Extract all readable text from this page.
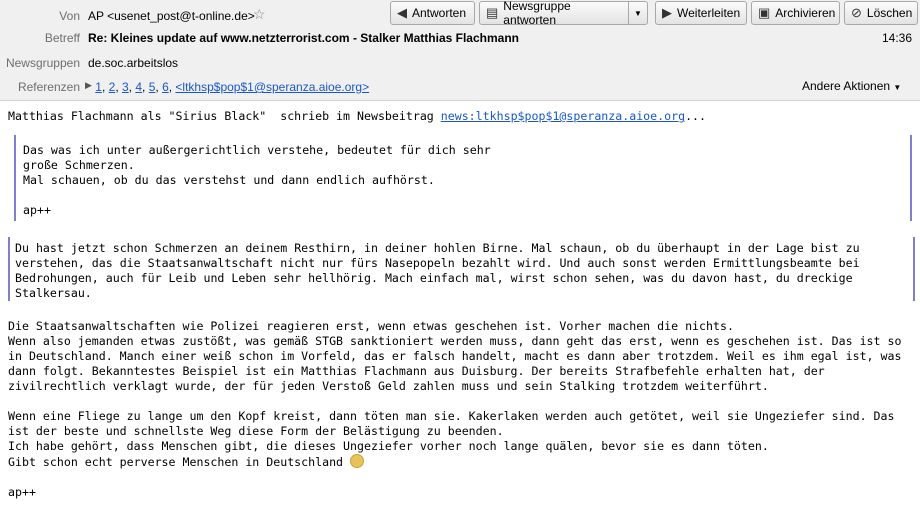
Von AP <usenet_post@t-online.de>
☆	◀ Antworten ▤ Newsgruppe antworten	▼ ▶ Weiterleiten ▣ Archivieren ⊘ Löschen
Betreff Re: Kleines update auf www.netzterrorist.com - Stalker Matthias Flachmann	14:36
Newsgruppen de.soc.arbeitslos
Referenzen ▶ 1, 2, 3, 4, 5, 6, <ltkhsp$pop$1@speranza.aioe.org>	Andere Aktionen ▼
Matthias Flachmann als "Sirius Black"  schrieb im Newsbeitrag news:ltkhsp$pop$1@speranza.aioe.org...
Das was ich unter außergerichtlich verstehe, bedeutet für dich sehr
große Schmerzen.
Mal schauen, ob du das verstehst und dann endlich aufhörst.

ap++
Du hast jetzt schon Schmerzen an deinem Resthirn, in deiner hohlen Birne. Mal schaun, ob du überhaupt in der Lage bist zu
verstehen, das die Staatsanwaltschaft nicht nur fürs Nasepopeln bezahlt wird. Und auch sonst werden Ermittlungsbeamte bei
Bedrohungen, auch für Leib und Leben sehr hellhörig. Mach einfach mal, wirst schon sehen, was du davon hast, du dreckige
Stalkersau.
Die Staatsanwaltschaften wie Polizei reagieren erst, wenn etwas geschehen ist. Vorher machen die nichts.
Wenn also jemanden etwas zustößt, was gemäß STGB sanktioniert werden muss, dann geht das erst, wenn es geschehen ist. Das ist so
in Deutschland. Manch einer weiß schon im Vorfeld, das er falsch handelt, macht es dann aber trotzdem. Weil es ihm egal ist, was
dann folgt. Bekanntestes Beispiel ist ein Matthias Flachmann aus Duisburg. Der bereits Strafbefehle erhalten hat, der
zivilrechtlich verklagt wurde, der für jeden Verstoß Geld zahlen muss und sein Stalking trotzdem weiterführt.
Wenn eine Fliege zu lange um den Kopf kreist, dann töten man sie. Kakerlaken werden auch getötet, weil sie Ungeziefer sind. Das
ist der beste und schnellste Weg diese Form der Belästigung zu beenden.
Ich habe gehört, dass Menschen gibt, die dieses Ungeziefer vorher noch lange quälen, bevor sie es dann töten.
Gibt schon echt perverse Menschen in Deutschland
ap++
